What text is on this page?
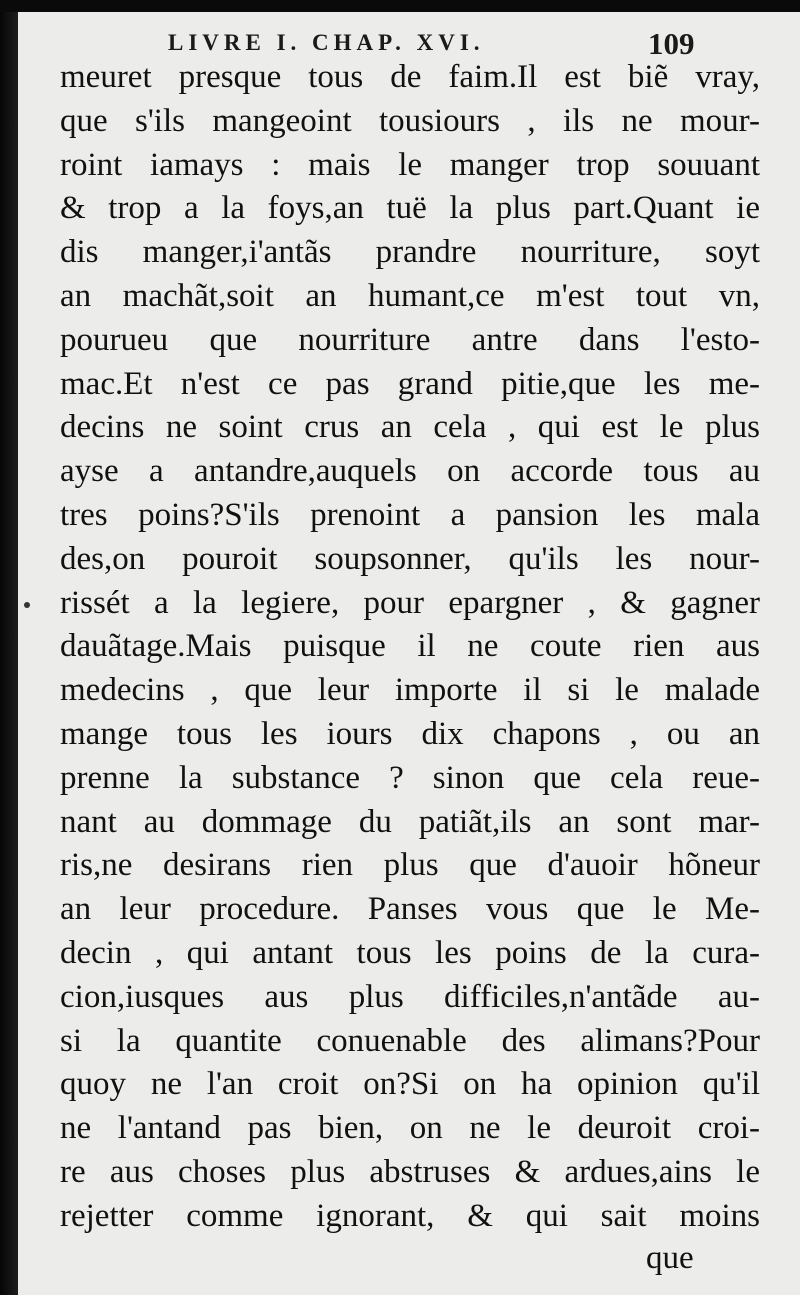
LIVRE I. CHAP. XVI.	109
meuret presque tous de faim.Il est biẽ vray,
que s'ils mangeoint tousiours , ils ne mour-
roint iamays : mais le manger trop souuant
& trop a la foys,an tuë la plus part.Quant ie
dis manger,i'antãs prandre nourriture, soyt
an machãt,soit an humant,ce m'est tout vn,
pourueu que nourriture antre dans l'esto-
mac.Et n'est ce pas grand pitie,que les me-
decins ne soint crus an cela , qui est le plus
ayse a antandre,auquels on accorde tous au
tres poins?S'ils prenoint a pansion les mala
des,on pouroit soupsonner, qu'ils les nour-
rissét a la legiere, pour epargner , & gagner
dauãtage.Mais puisque il ne coute rien aus
medecins , que leur importe il si le malade
mange tous les iours dix chapons , ou an
prenne la substance ? sinon que cela reue-
nant au dommage du patiãt,ils an sont mar-
ris,ne desirans rien plus que d'auoir hõneur
an leur procedure. Panses vous que le Me-
decin , qui antant tous les poins de la cura-
cion,iusques aus plus difficiles,n'antãde au-
si la quantite conuenable des alimans?Pour
quoy ne l'an croit on?Si on ha opinion qu'il
ne l'antand pas bien, on ne le deuroit croi-
re aus choses plus abstruses & ardues,ains le
rejetter comme ignorant, & qui sait moins
que
